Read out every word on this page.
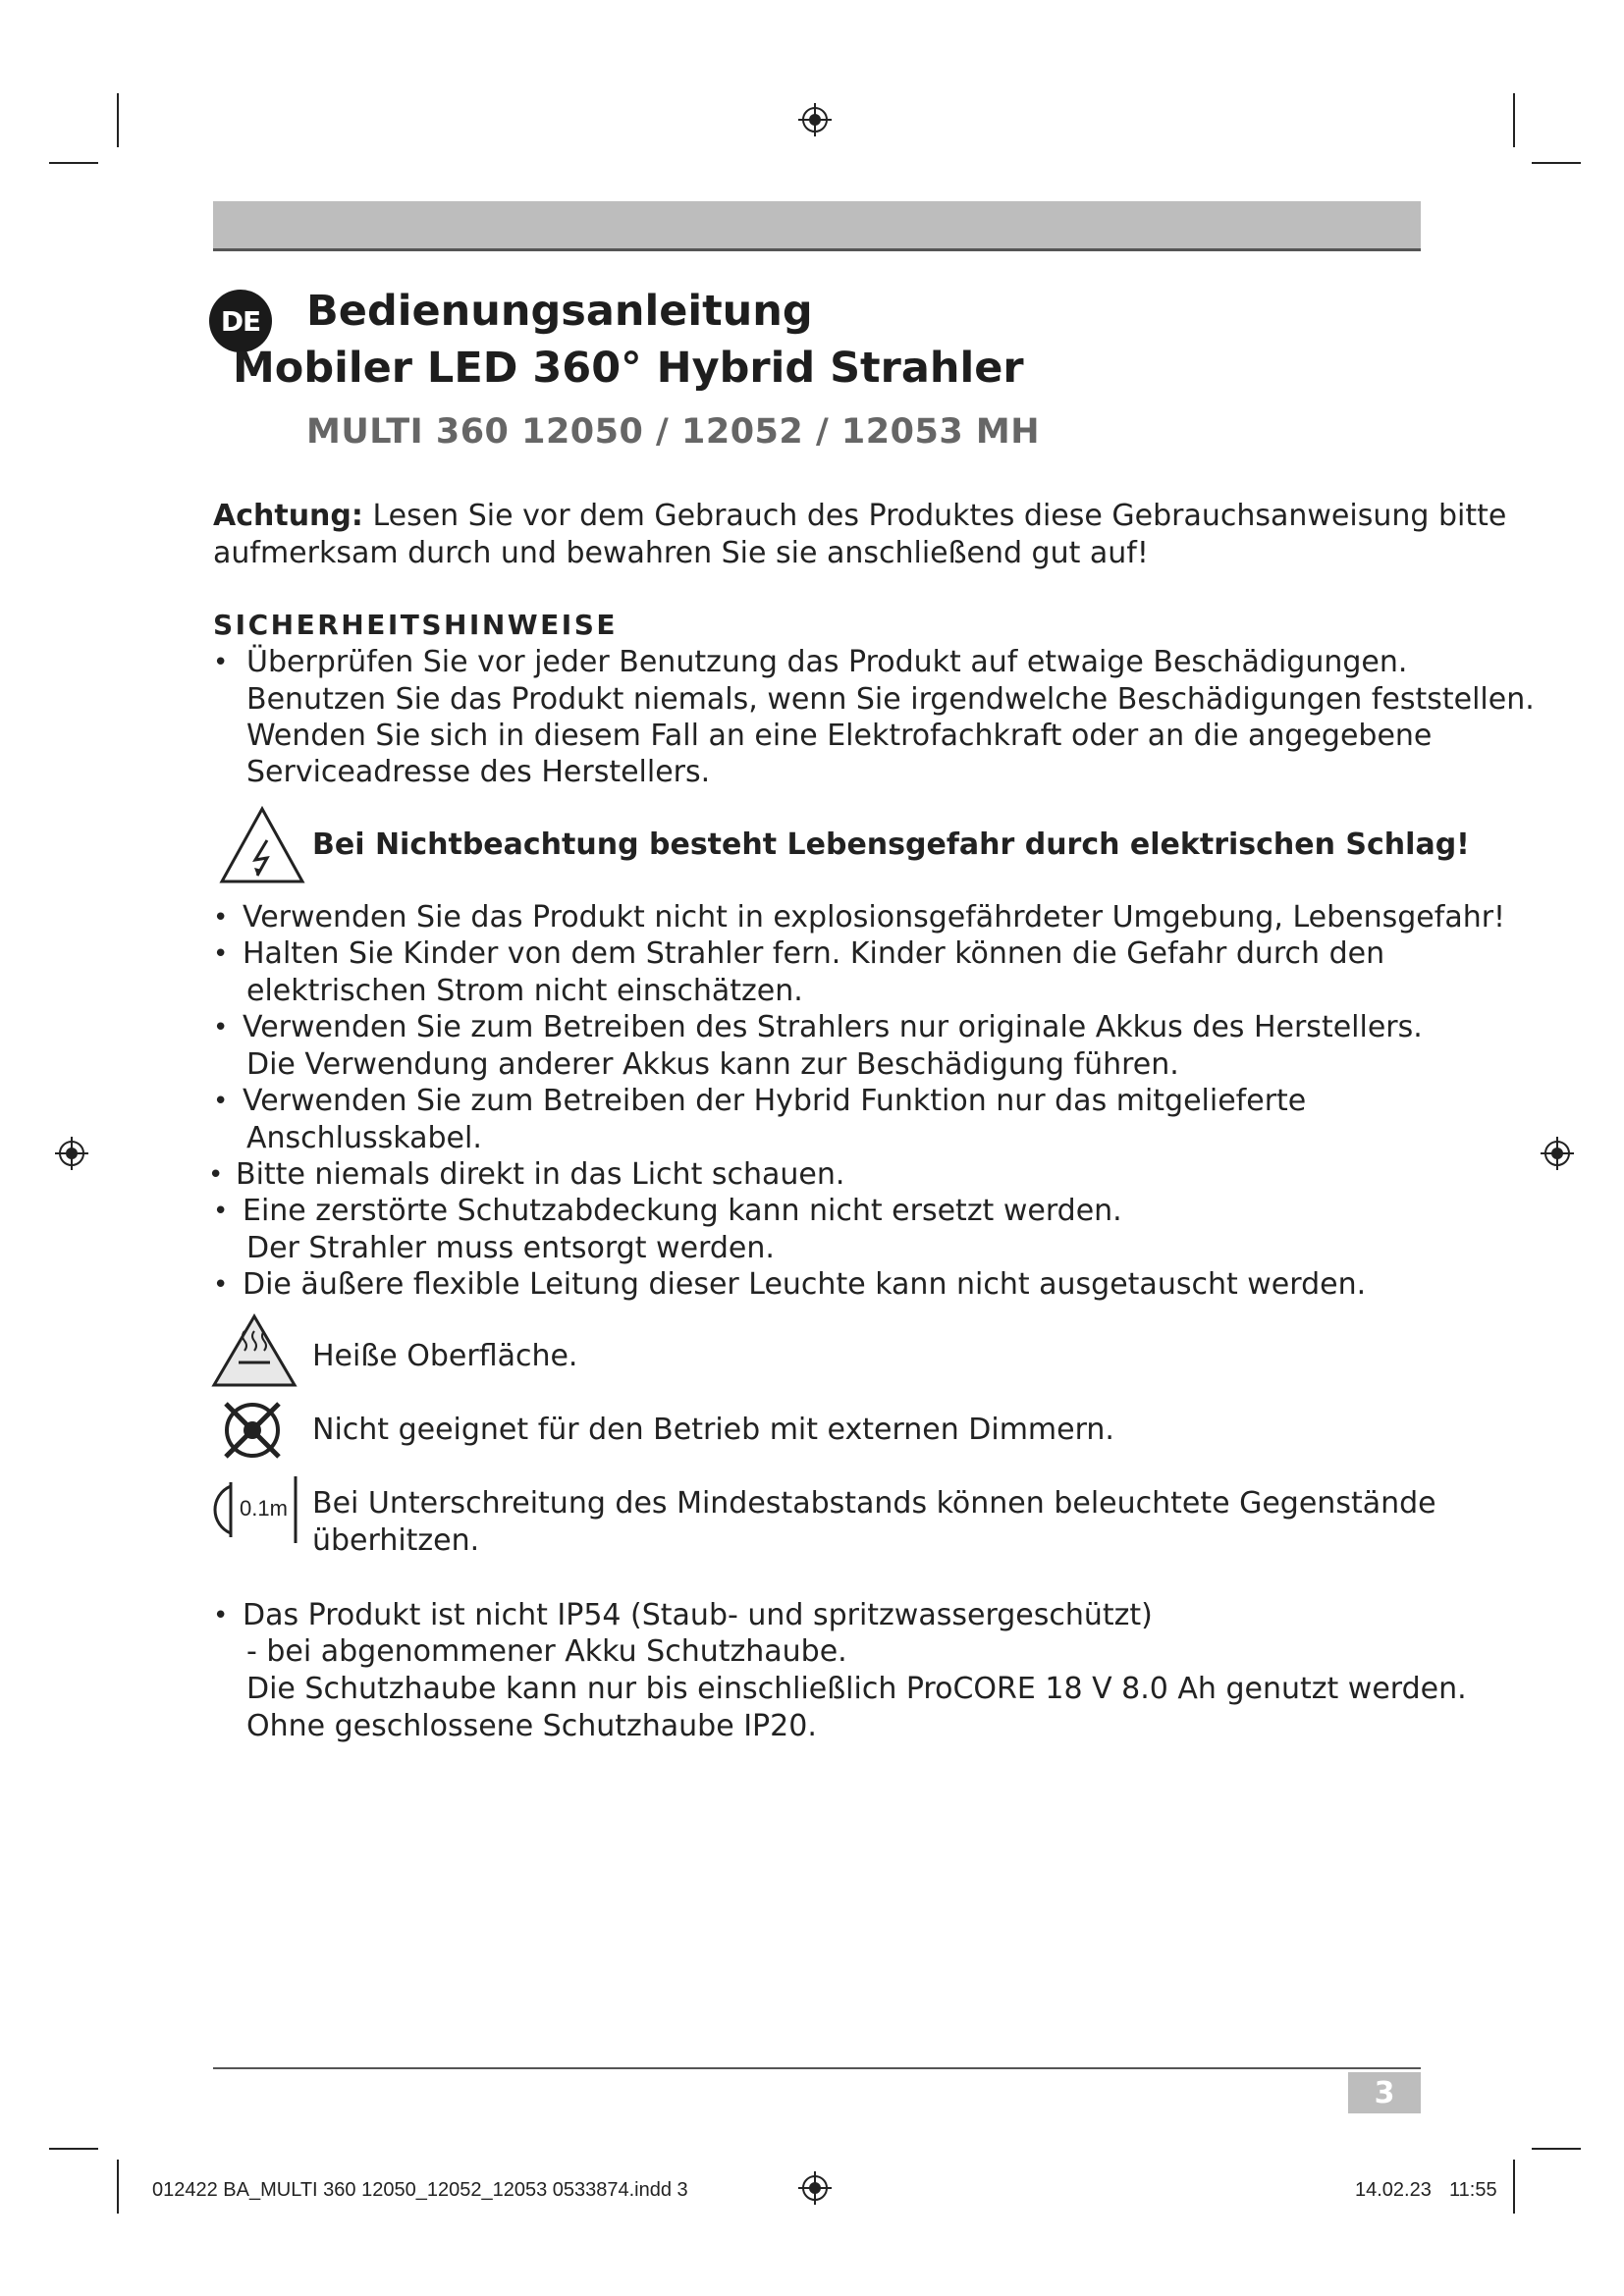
DE Bedienungsanleitung
Mobiler LED 360° Hybrid Strahler
MULTI 360 12050 / 12052 / 12053 MH
Achtung: Lesen Sie vor dem Gebrauch des Produktes diese Gebrauchsanweisung bitte
aufmerksam durch und bewahren Sie sie anschließend gut auf!
SICHERHEITSHINWEISE
• Überprüfen Sie vor jeder Benutzung das Produkt auf etwaige Beschädigungen.
Benutzen Sie das Produkt niemals, wenn Sie irgendwelche Beschädigungen feststellen.
Wenden Sie sich in diesem Fall an eine Elektrofachkraft oder an die angegebene
Serviceadresse des Herstellers.
Bei Nichtbeachtung besteht Lebensgefahr durch elektrischen Schlag!
• Verwenden Sie das Produkt nicht in explosionsgefährdeter Umgebung, Lebensgefahr!
• Halten Sie Kinder von dem Strahler fern. Kinder können die Gefahr durch den
elektrischen Strom nicht einschätzen.
• Verwenden Sie zum Betreiben des Strahlers nur originale Akkus des Herstellers.
Die Verwendung anderer Akkus kann zur Beschädigung führen.
• Verwenden Sie zum Betreiben der Hybrid Funktion nur das mitgelieferte
Anschlusskabel.
• Bitte niemals direkt in das Licht schauen.
• Eine zerstörte Schutzabdeckung kann nicht ersetzt werden.
Der Strahler muss entsorgt werden.
• Die äußere flexible Leitung dieser Leuchte kann nicht ausgetauscht werden.
Heiße Oberfläche.
Nicht geeignet für den Betrieb mit externen Dimmern.
0.1m Bei Unterschreitung des Mindestabstands können beleuchtete Gegenstände
überhitzen.
• Das Produkt ist nicht IP54 (Staub- und spritzwassergeschützt)
- bei abgenommener Akku Schutzhaube.
Die Schutzhaube kann nur bis einschließlich ProCORE 18 V 8.0 Ah genutzt werden.
Ohne geschlossene Schutzhaube IP20.
3
012422 BA_MULTI 360 12050_12052_12053 0533874.indd 3	14.02.23 11:55
